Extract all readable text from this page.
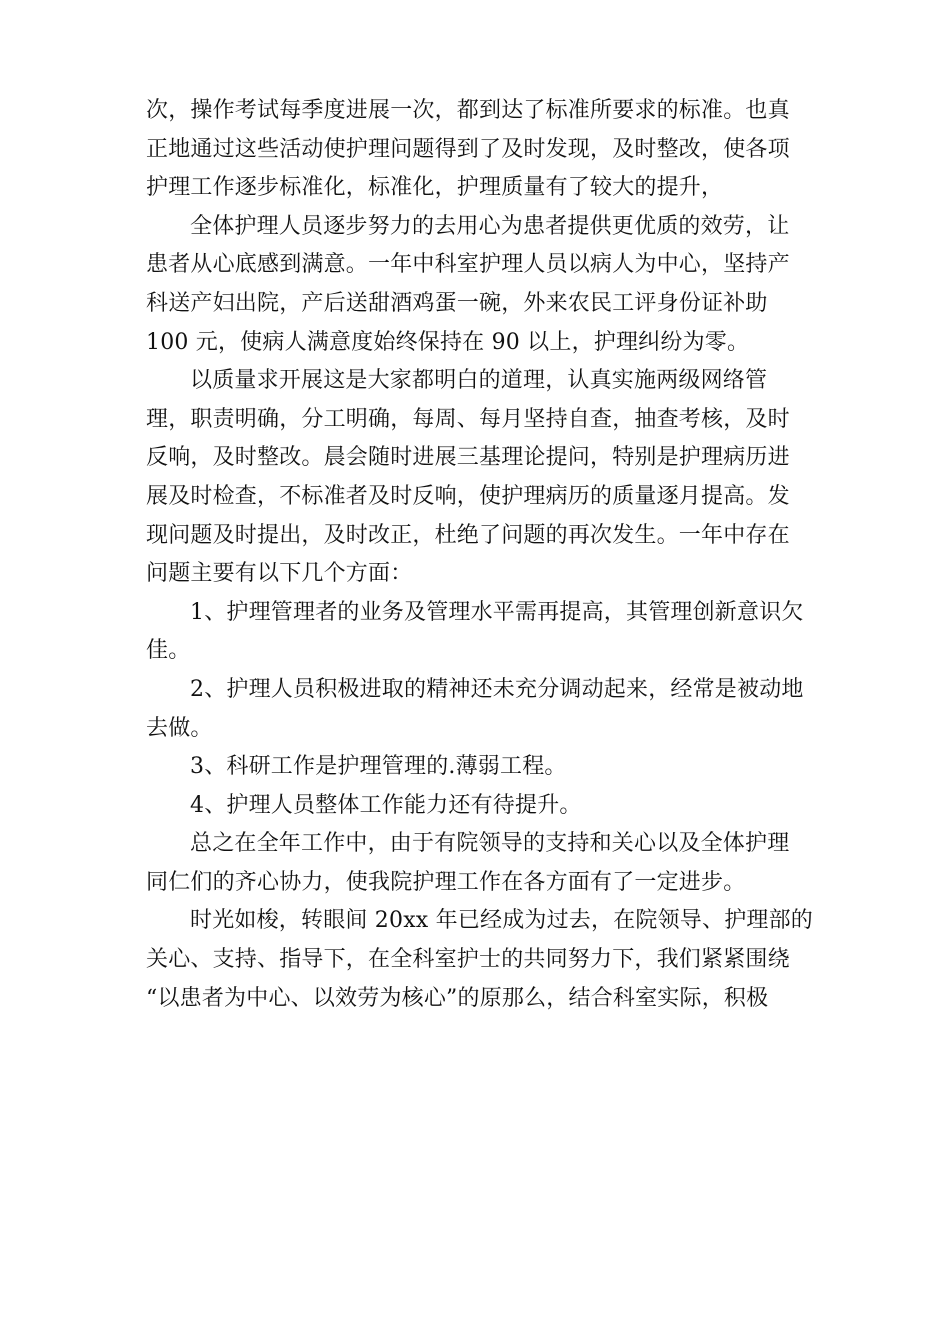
次，操作考试每季度进展一次，都到达了标准所要求的标准。也真
正地通过这些活动使护理问题得到了及时发现，及时整改，使各项
护理工作逐步标准化，标准化，护理质量有了较大的提升，
全体护理人员逐步努力的去用心为患者提供更优质的效劳，让
患者从心底感到满意。一年中科室护理人员以病人为中心，坚持产
科送产妇出院，产后送甜酒鸡蛋一碗，外来农民工评身份证补助
100 元，使病人满意度始终保持在 90 以上，护理纠纷为零。
以质量求开展这是大家都明白的道理，认真实施两级网络管
理，职责明确，分工明确，每周、每月坚持自查，抽查考核，及时
反响，及时整改。晨会随时进展三基理论提问，特别是护理病历进
展及时检查，不标准者及时反响，使护理病历的质量逐月提高。发
现问题及时提出，及时改正，杜绝了问题的再次发生。一年中存在
问题主要有以下几个方面：
1、护理管理者的业务及管理水平需再提高，其管理创新意识欠
佳。
2、护理人员积极进取的精神还未充分调动起来，经常是被动地
去做。
3、科研工作是护理管理的.薄弱工程。
4、护理人员整体工作能力还有待提升。
总之在全年工作中，由于有院领导的支持和关心以及全体护理
同仁们的齐心协力，使我院护理工作在各方面有了一定进步。
时光如梭，转眼间 20xx 年已经成为过去，在院领导、护理部的
关心、支持、指导下，在全科室护士的共同努力下，我们紧紧围绕
“以患者为中心、以效劳为核心”的原那么，结合科室实际，积极
